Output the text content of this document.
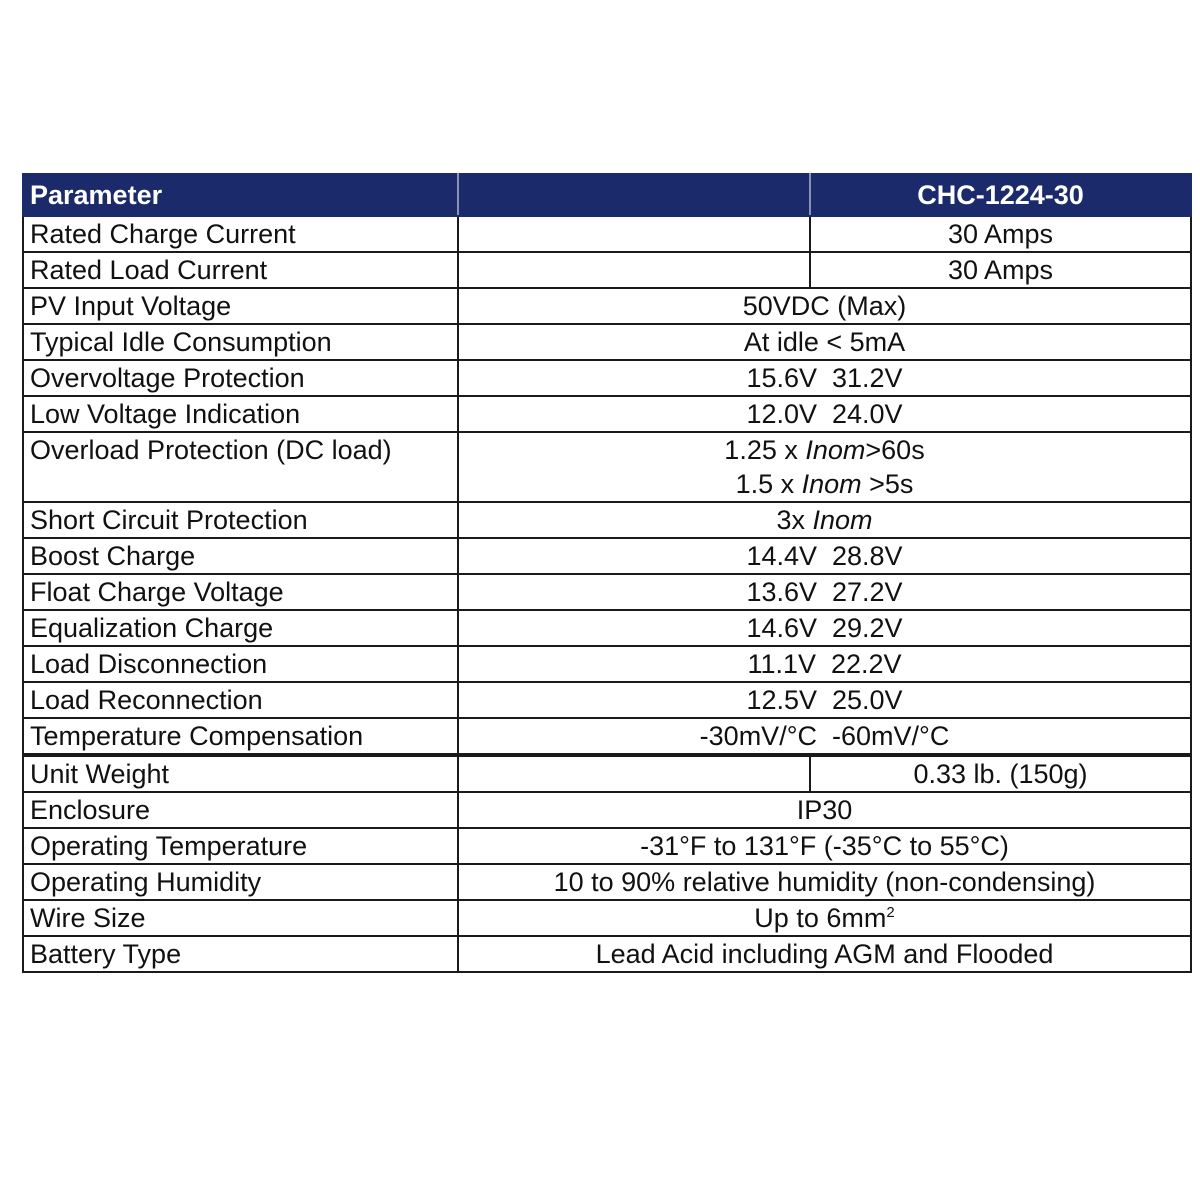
Parameter		CHC-1224-30
Rated Charge Current		30 Amps
Rated Load Current		30 Amps
PV Input Voltage	50VDC (Max)	
Typical Idle Consumption	At idle < 5mA	
Overvoltage Protection	15.6V  31.2V	
Low Voltage Indication	12.0V  24.0V	
Overload Protection (DC load)	1.25 x Inom>60s
1.5 x Inom >5s	

Short Circuit Protection	3x Inom	
Boost Charge	14.4V  28.8V	
Float Charge Voltage	13.6V  27.2V	
Equalization Charge	14.6V  29.2V	
Load Disconnection	11.1V  22.2V	
Load Reconnection	12.5V  25.0V	
Temperature Compensation	-30mV/°C  -60mV/°C	
Unit Weight		0.33 lb. (150g)
Enclosure	IP30	
Operating Temperature	-31°F to 131°F (-35°C to 55°C)	
Operating Humidity	10 to 90% relative humidity (non-condensing)	
Wire Size	Up to $6mm^2$
Battery Type	Lead Acid including AGM and Flooded	
